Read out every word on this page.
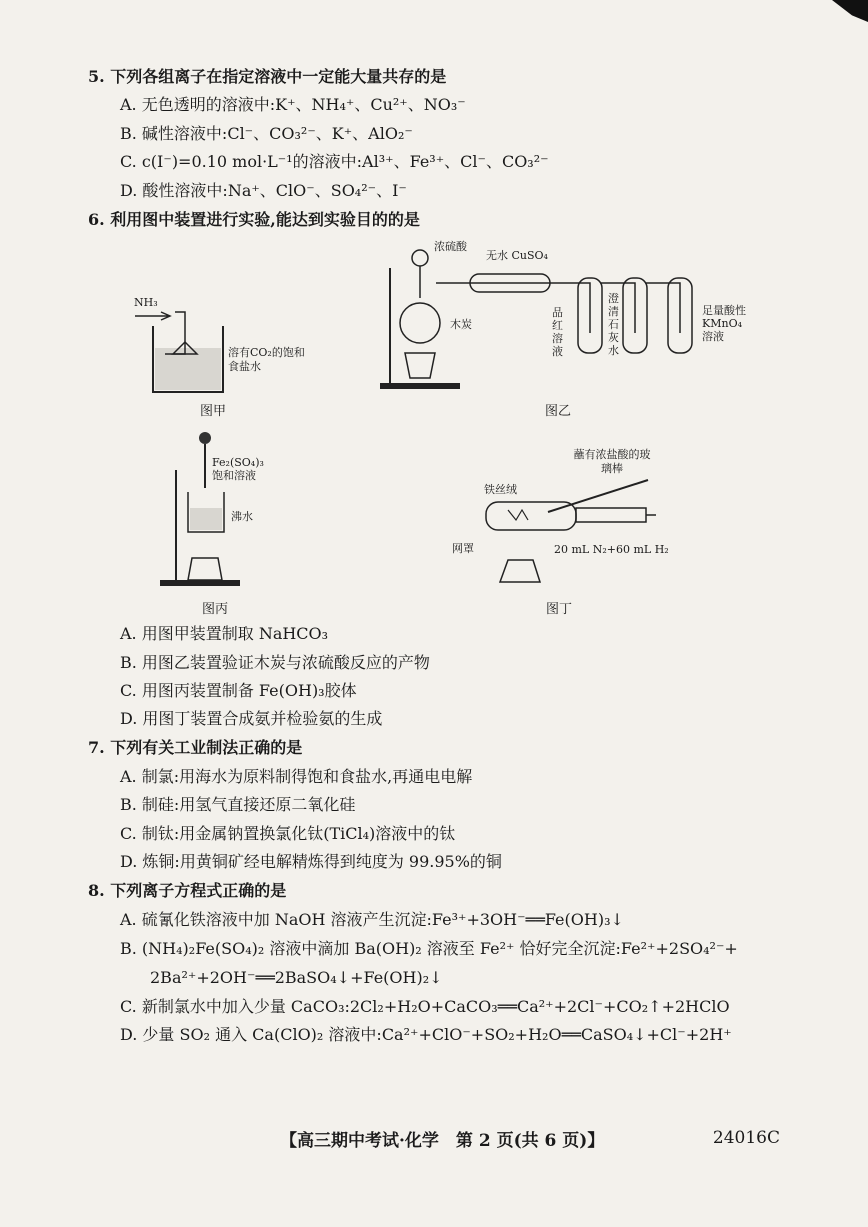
5. 下列各组离子在指定溶液中一定能大量共存的是
A. 无色透明的溶液中:K⁺、NH₄⁺、Cu²⁺、NO₃⁻
B. 碱性溶液中:Cl⁻、CO₃²⁻、K⁺、AlO₂⁻
C. c(I⁻)=0.10 mol·L⁻¹的溶液中:Al³⁺、Fe³⁺、Cl⁻、CO₃²⁻
D. 酸性溶液中:Na⁺、ClO⁻、SO₄²⁻、I⁻
6. 利用图中装置进行实验,能达到实验目的的是
NH₃
溶有CO₂的饱和食盐水
图甲
浓硫酸
无水 CuSO₄
木炭
品红溶液
澄清石灰水
足量酸性KMnO₄溶液
图乙
Fe₂(SO₄)₃饱和溶液
沸水
图丙
蘸有浓盐酸的玻璃棒
铁丝绒
网罩	20 mL N₂+60 mL H₂
图丁
A. 用图甲装置制取 NaHCO₃
B. 用图乙装置验证木炭与浓硫酸反应的产物
C. 用图丙装置制备 Fe(OH)₃胶体
D. 用图丁装置合成氨并检验氨的生成
7. 下列有关工业制法正确的是
A. 制氯:用海水为原料制得饱和食盐水,再通电电解
B. 制硅:用氢气直接还原二氧化硅
C. 制钛:用金属钠置换氯化钛(TiCl₄)溶液中的钛
D. 炼铜:用黄铜矿经电解精炼得到纯度为 99.95%的铜
8. 下列离子方程式正确的是
A. 硫氰化铁溶液中加 NaOH 溶液产生沉淀:Fe³⁺+3OH⁻══Fe(OH)₃↓
B. (NH₄)₂Fe(SO₄)₂ 溶液中滴加 Ba(OH)₂ 溶液至 Fe²⁺ 恰好完全沉淀:Fe²⁺+2SO₄²⁻+
2Ba²⁺+2OH⁻══2BaSO₄↓+Fe(OH)₂↓
C. 新制氯水中加入少量 CaCO₃:2Cl₂+H₂O+CaCO₃══Ca²⁺+2Cl⁻+CO₂↑+2HClO
D. 少量 SO₂ 通入 Ca(ClO)₂ 溶液中:Ca²⁺+ClO⁻+SO₂+H₂O══CaSO₄↓+Cl⁻+2H⁺
【高三期中考试·化学　第 2 页(共 6 页)】	24016C
